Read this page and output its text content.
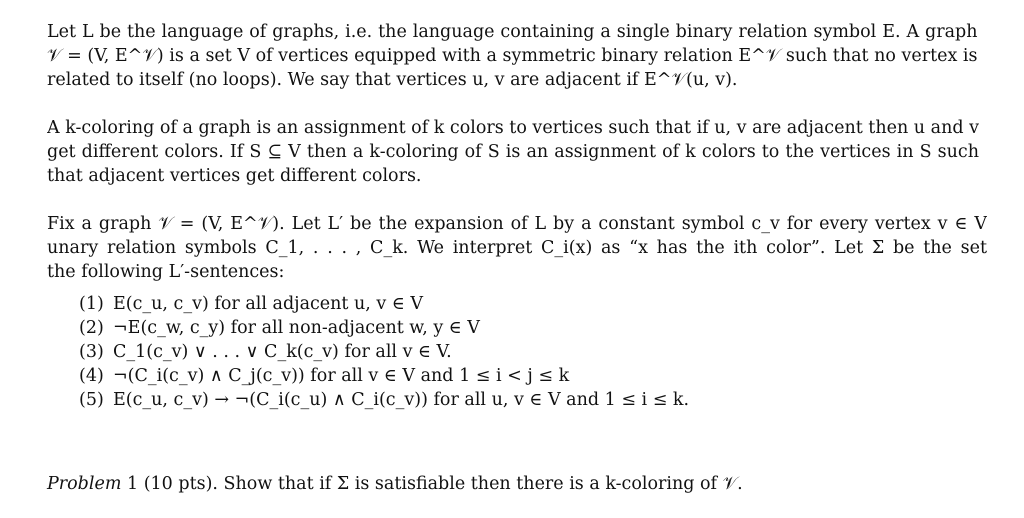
Let L be the language of graphs, i.e. the language containing a single binary relation symbol E. A graph
𝒱 = (V, E^𝒱) is a set V of vertices equipped with a symmetric binary relation E^𝒱 such that no vertex is
related to itself (no loops). We say that vertices u, v are adjacent if E^𝒱(u, v).
A k-coloring of a graph is an assignment of k colors to vertices such that if u, v are adjacent then u and v
get different colors. If S ⊆ V then a k-coloring of S is an assignment of k colors to the vertices in S such
that adjacent vertices get different colors.
Fix a graph 𝒱 = (V, E^𝒱). Let L′ be the expansion of L by a constant symbol c_v for every vertex v ∈ V
unary relation symbols C_1, . . . , C_k. We interpret C_i(x) as “x has the ith color”. Let Σ be the set
the following L′-sentences:
(1) E(c_u, c_v) for all adjacent u, v ∈ V
(2) ¬E(c_w, c_y) for all non-adjacent w, y ∈ V
(3) C_1(c_v) ∨ . . . ∨ C_k(c_v) for all v ∈ V.
(4) ¬(C_i(c_v) ∧ C_j(c_v)) for all v ∈ V and 1 ≤ i < j ≤ k
(5) E(c_u, c_v) → ¬(C_i(c_u) ∧ C_i(c_v)) for all u, v ∈ V and 1 ≤ i ≤ k.
Problem 1 (10 pts). Show that if Σ is satisfiable then there is a k-coloring of 𝒱.
